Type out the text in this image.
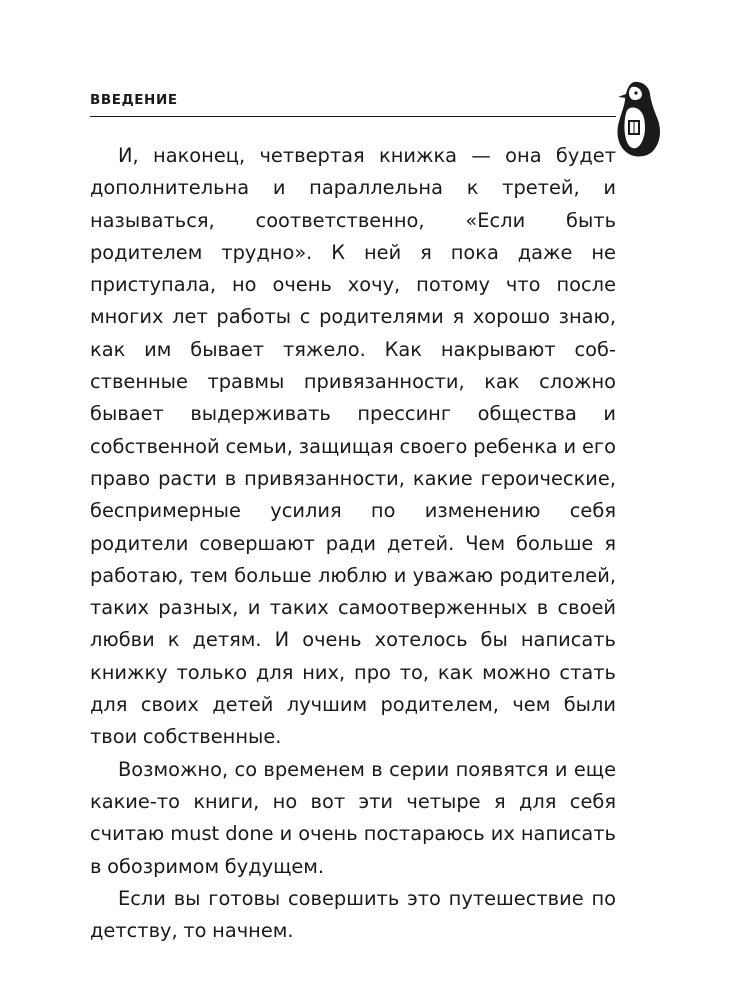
ВВЕДЕНИЕ

И, наконец, четвертая книжка — она будет дополнительна и параллельна к третей, и называться, соответственно, «Если быть родителем трудно». К ней я пока даже не приступала, но очень хочу, потому что после многих лет работы с родителями я хорошо знаю, как им бывает тяжело. Как накрывают собственные травмы привязанности, как сложно бывает выдерживать прессинг общества и собственной семьи, защищая своего ребенка и его право расти в привязанности, какие героические, беспримерные усилия по изменению себя родители совершают ради детей. Чем больше я работаю, тем больше люблю и уважаю родителей, таких разных, и таких самоотверженных в своей любви к детям. И очень хотелось бы написать книжку только для них, про то, как можно стать для своих детей лучшим родителем, чем были твои собственные.

Возможно, со временем в серии появятся и еще какие-то книги, но вот эти четыре я для себя считаю must done и очень постараюсь их написать в обозримом будущем.

Если вы готовы совершить это путешествие по детству, то начнем.
